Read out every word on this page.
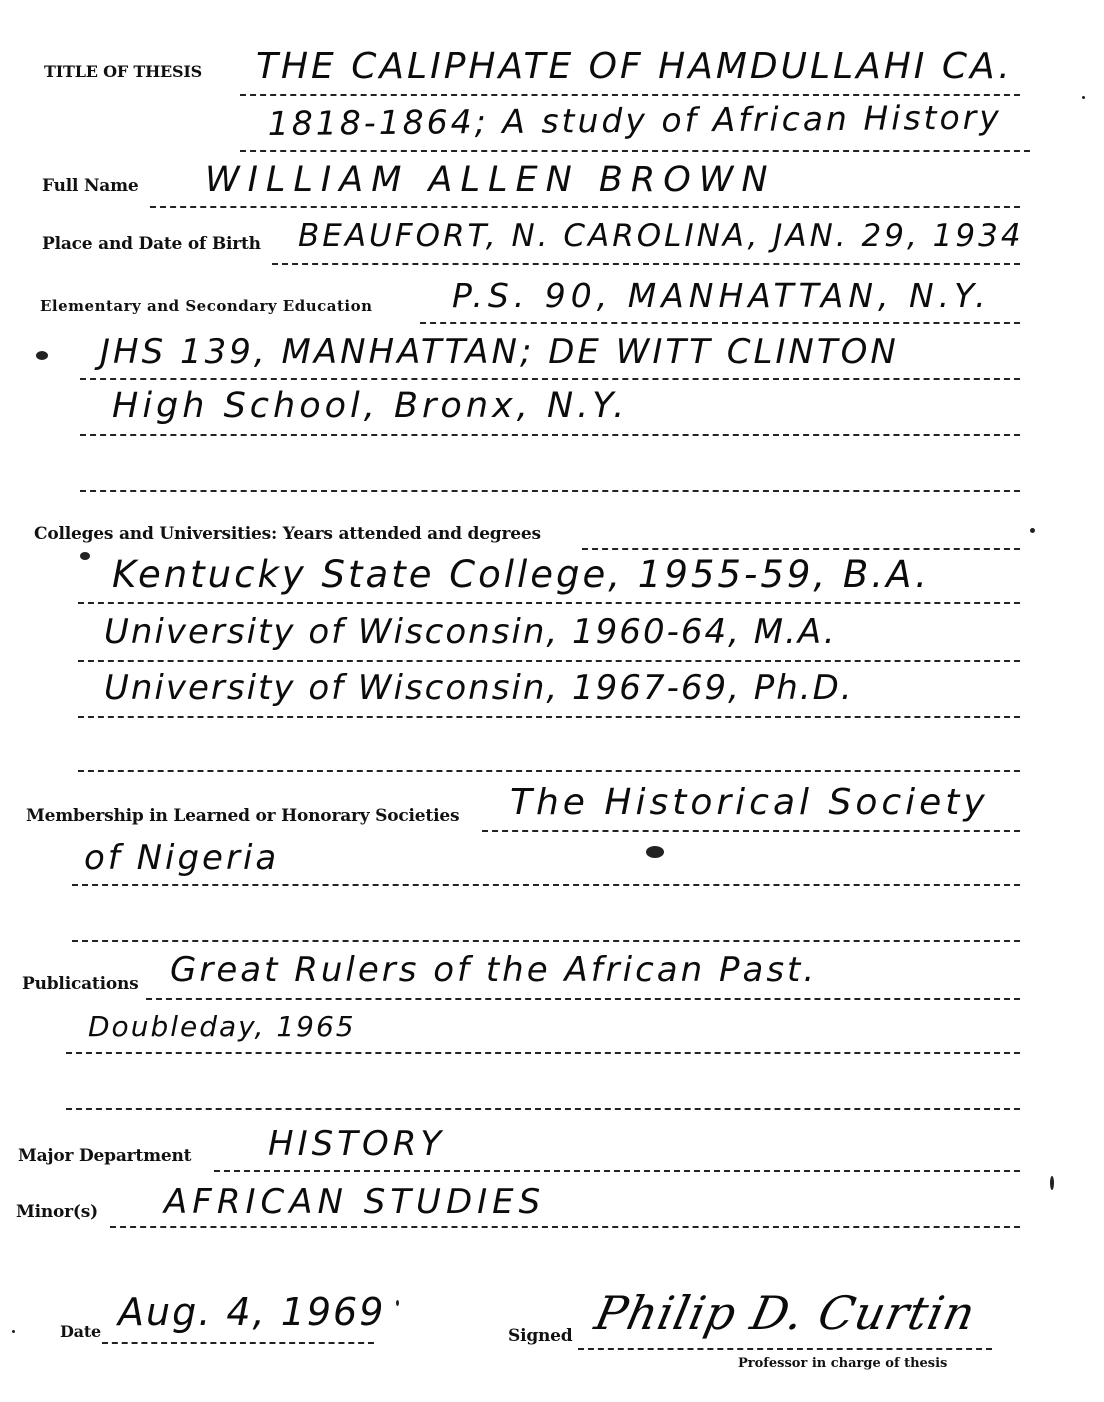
TITLE OF THESIS THE CALIPHATE OF HAMDULLAHI CA.
1818-1864; A study of African History
Full Name WILLIAM ALLEN BROWN
Place and Date of Birth BEAUFORT, N. CAROLINA, JAN. 29, 1934
Elementary and Secondary Education P.S. 90, MANHATTAN, N.Y.
JHS 139, MANHATTAN; DE WITT CLINTON
High School, Bronx, N.Y.
Colleges and Universities: Years attended and degrees
Kentucky State College, 1955-59, B.A.
University of Wisconsin, 1960-64, M.A.
University of Wisconsin, 1967-69, Ph.D.
Membership in Learned or Honorary Societies The Historical Society
of Nigeria
Publications Great Rulers of the African Past.
Doubleday, 1965
Major Department HISTORY
Minor(s) AFRICAN STUDIES
Date Aug. 4, 1969
Signed Philip D. Curtin
Professor in charge of thesis
